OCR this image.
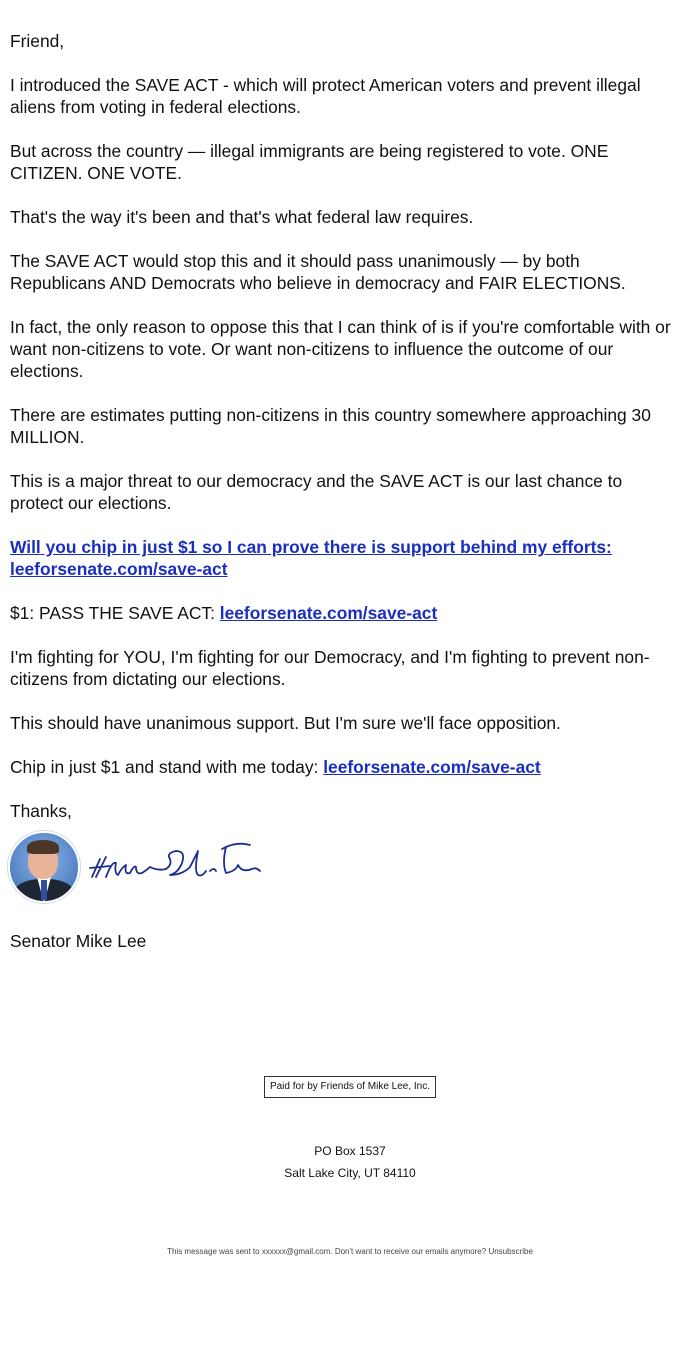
Friend,

I introduced the SAVE ACT - which will protect American voters and prevent illegal aliens from voting in federal elections.

But across the country — illegal immigrants are being registered to vote. ONE CITIZEN. ONE VOTE.

That's the way it's been and that's what federal law requires.

The SAVE ACT would stop this and it should pass unanimously — by both Republicans AND Democrats who believe in democracy and FAIR ELECTIONS.

In fact, the only reason to oppose this that I can think of is if you're comfortable with or want non-citizens to vote. Or want non-citizens to influence the outcome of our elections.

There are estimates putting non-citizens in this country somewhere approaching 30 MILLION.

This is a major threat to our democracy and the SAVE ACT is our last chance to protect our elections.

Will you chip in just $1 so I can prove there is support behind my efforts: leeforsenate.com/save-act

$1: PASS THE SAVE ACT: leeforsenate.com/save-act

I'm fighting for YOU, I'm fighting for our Democracy, and I'm fighting to prevent non-citizens from dictating our elections.

This should have unanimous support. But I'm sure we'll face opposition.

Chip in just $1 and stand with me today: leeforsenate.com/save-act

Thanks,

Senator Mike Lee

Paid for by Friends of Mike Lee, Inc.
PO Box 1537
Salt Lake City, UT 84110
This message was sent to xxxxxx@gmail.com. Don't want to receive our emails anymore? Unsubscribe
